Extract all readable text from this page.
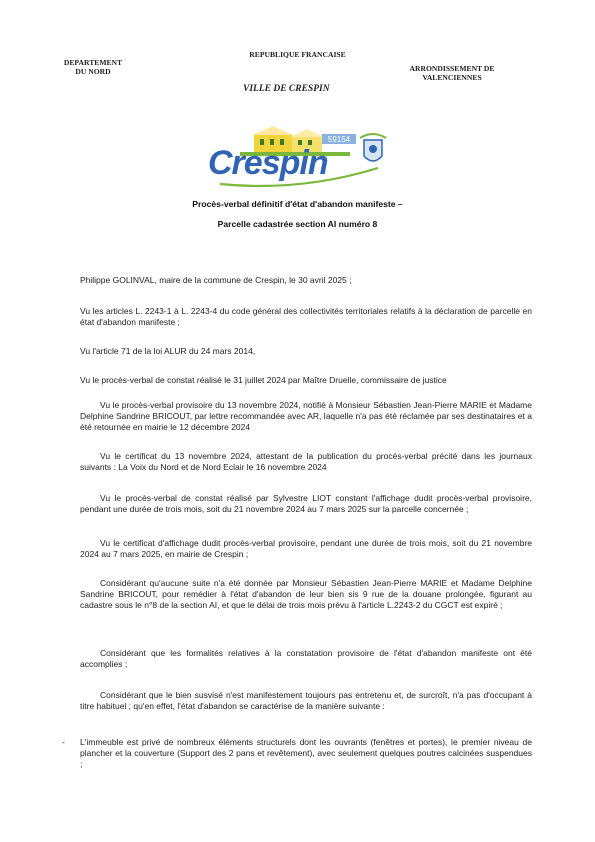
DEPARTEMENT
DU NORD
REPUBLIQUE FRANCAISE
ARRONDISSEMENT DE
VALENCIENNES
VILLE DE CRESPIN
59154
Crespin
Procès-verbal définitif d'état d'abandon manifeste –
Parcelle cadastrée section AI numéro 8
Philippe GOLINVAL, maire de la commune de Crespin, le 30 avril 2025 ;
Vu les articles L. 2243-1 à L. 2243-4 du code général des collectivités territoriales relatifs à la déclaration de parcelle en état d'abandon manifeste ;
Vu l'article 71 de la loi ALUR du 24 mars 2014,
Vu le procès-verbal de constat réalisé le 31 juillet 2024 par Maître Druelle, commissaire de justice
Vu le procès-verbal provisoire du 13 novembre 2024, notifié à Monsieur Sébastien Jean-Pierre MARIE et Madame Delphine Sandrine BRICOUT, par lettre recommandée avec AR, laquelle n'a pas été réclamée par ses destinataires et a été retournée en mairie le 12 décembre 2024
Vu le certificat du 13 novembre 2024, attestant de la publication du procès-verbal précité dans les journaux suivants : La Voix du Nord et de Nord Eclair le 16 novembre 2024
Vu le procès-verbal de constat réalisé par Sylvestre LIOT constant l'affichage dudit procès-verbal provisoire, pendant une durée de trois mois, soit du 21 novembre 2024 au 7 mars 2025 sur la parcelle concernée ;
Vu le certificat d'affichage dudit procès-verbal provisoire, pendant une durée de trois mois, soit du 21 novembre 2024 au 7 mars 2025, en mairie de Crespin ;
Considérant qu'aucune suite n'a été donnée par Monsieur Sébastien Jean-Pierre MARIE et Madame Delphine Sandrine BRICOUT, pour remédier à l'état d'abandon de leur bien sis 9 rue de la douane prolongée, figurant au cadastre sous le n°8 de la section AI, et que le délai de trois mois prévu à l'article L.2243-2 du CGCT est expiré ;
Considérant que les formalités relatives à la constatation provisoire de l'état d'abandon manifeste ont été accomplies ;
Considérant que le bien susvisé n'est manifestement toujours pas entretenu et, de surcroît, n'a pas d'occupant à titre habituel ; qu'en effet, l'état d'abandon se caractérise de la manière suivante :
- L'immeuble est privé de nombreux éléments structurels dont les ouvrants (fenêtres et portes), le premier niveau de plancher et la couverture (Support des 2 pans et revêtement), avec seulement quelques poutres calcinées suspendues ;
